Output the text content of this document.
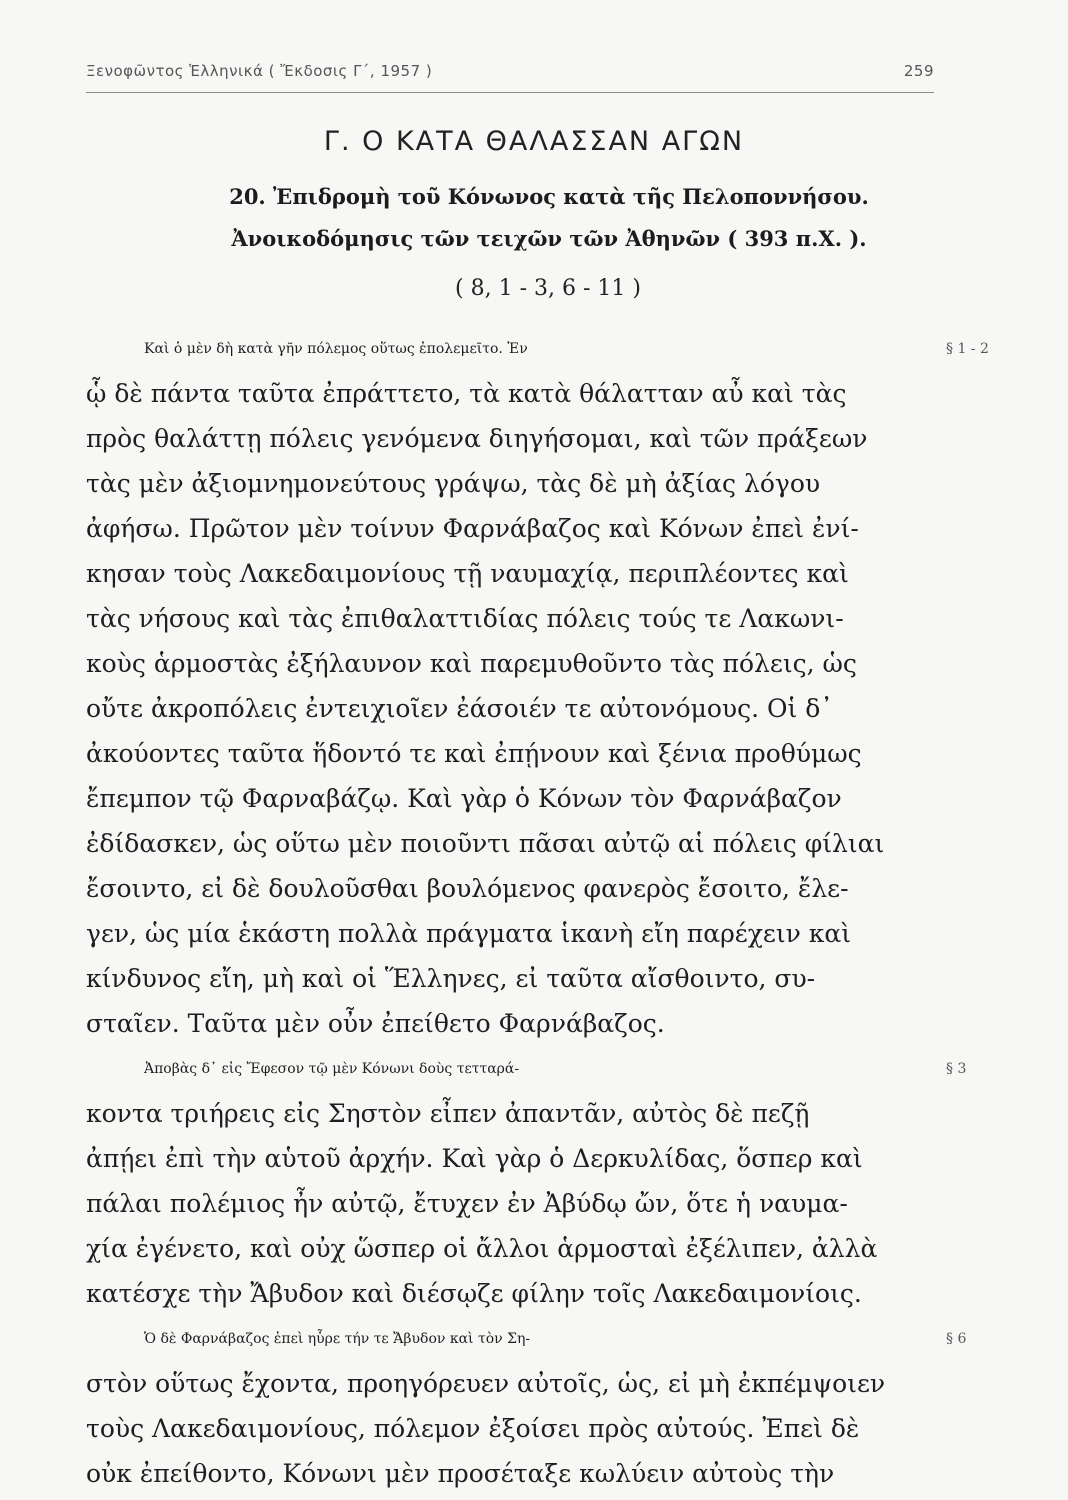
Ξενοφῶντος Ἑλληνικά ( Ἔκδοσις Γ΄, 1957 )	259
Γ. Ο ΚΑΤΑ ΘΑΛΑΣΣΑΝ ΑΓΩΝ
20. Ἐπιδρομὴ τοῦ Κόνωνος κατὰ τῆς Πελοποννήσου.
Ἀνοικοδόμησις τῶν τειχῶν τῶν Ἀθηνῶν ( 393 π.Χ. ).
( 8, 1 - 3, 6 - 11 )
Καὶ ὁ μὲν δὴ κατὰ γῆν πόλεμος οὕτως ἐπολεμεῖτο. Ἐν
ᾧ δὲ πάντα ταῦτα ἐπράττετο, τὰ κατὰ θάλατταν αὖ καὶ τὰς
πρὸς θαλάττῃ πόλεις γενόμενα διηγήσομαι, καὶ τῶν πράξεων
τὰς μὲν ἀξιομνημονεύτους γράψω, τὰς δὲ μὴ ἀξίας λόγου
ἀφήσω. Πρῶτον μὲν τοίνυν Φαρνάβαζος καὶ Κόνων ἐπεὶ ἐνί-
κησαν τοὺς Λακεδαιμονίους τῇ ναυμαχίᾳ, περιπλέοντες καὶ
τὰς νήσους καὶ τὰς ἐπιθαλαττιδίας πόλεις τούς τε Λακωνι-
κοὺς ἁρμοστὰς ἐξήλαυνον καὶ παρεμυθοῦντο τὰς πόλεις, ὡς
οὔτε ἀκροπόλεις ἐντειχιοῖεν ἐάσοιέν τε αὐτονόμους. Οἱ δ᾽
ἀκούοντες ταῦτα ἥδοντό τε καὶ ἐπῄνουν καὶ ξένια προθύμως
ἔπεμπον τῷ Φαρναβάζῳ. Καὶ γὰρ ὁ Κόνων τὸν Φαρνάβαζον
ἐδίδασκεν, ὡς οὕτω μὲν ποιοῦντι πᾶσαι αὐτῷ αἱ πόλεις φίλιαι
ἔσοιντο, εἰ δὲ δουλοῦσθαι βουλόμενος φανερὸς ἔσοιτο, ἔλε-
γεν, ὡς μία ἑκάστη πολλὰ πράγματα ἱκανὴ εἴη παρέχειν καὶ
κίνδυνος εἴη, μὴ καὶ οἱ Ἕλληνες, εἰ ταῦτα αἴσθοιντο, συ-
σταῖεν. Ταῦτα μὲν οὖν ἐπείθετο Φαρνάβαζος.
Ἀποβὰς δ᾽ εἰς Ἔφεσον τῷ μὲν Κόνωνι δοὺς τετταρά-
κοντα τριήρεις εἰς Σηστὸν εἶπεν ἀπαντᾶν, αὐτὸς δὲ πεζῇ
ἀπῄει ἐπὶ τὴν αὑτοῦ ἀρχήν. Καὶ γὰρ ὁ Δερκυλίδας, ὅσπερ καὶ
πάλαι πολέμιος ἦν αὐτῷ, ἔτυχεν ἐν Ἀβύδῳ ὤν, ὅτε ἡ ναυμα-
χία ἐγένετο, καὶ οὐχ ὥσπερ οἱ ἄλλοι ἁρμοσταὶ ἐξέλιπεν, ἀλλὰ
κατέσχε τὴν Ἄβυδον καὶ διέσῳζε φίλην τοῖς Λακεδαιμονίοις.
Ὁ δὲ Φαρνάβαζος ἐπεὶ ηὗρε τήν τε Ἄβυδον καὶ τὸν Ση-
στὸν οὕτως ἔχοντα, προηγόρευεν αὐτοῖς, ὡς, εἰ μὴ ἐκπέμψοιεν
τοὺς Λακεδαιμονίους, πόλεμον ἐξοίσει πρὸς αὐτούς. Ἐπεὶ δὲ
οὐκ ἐπείθοντο, Κόνωνι μὲν προσέταξε κωλύειν αὐτοὺς τὴν
§ 1 - 2
§ 3
§ 6
